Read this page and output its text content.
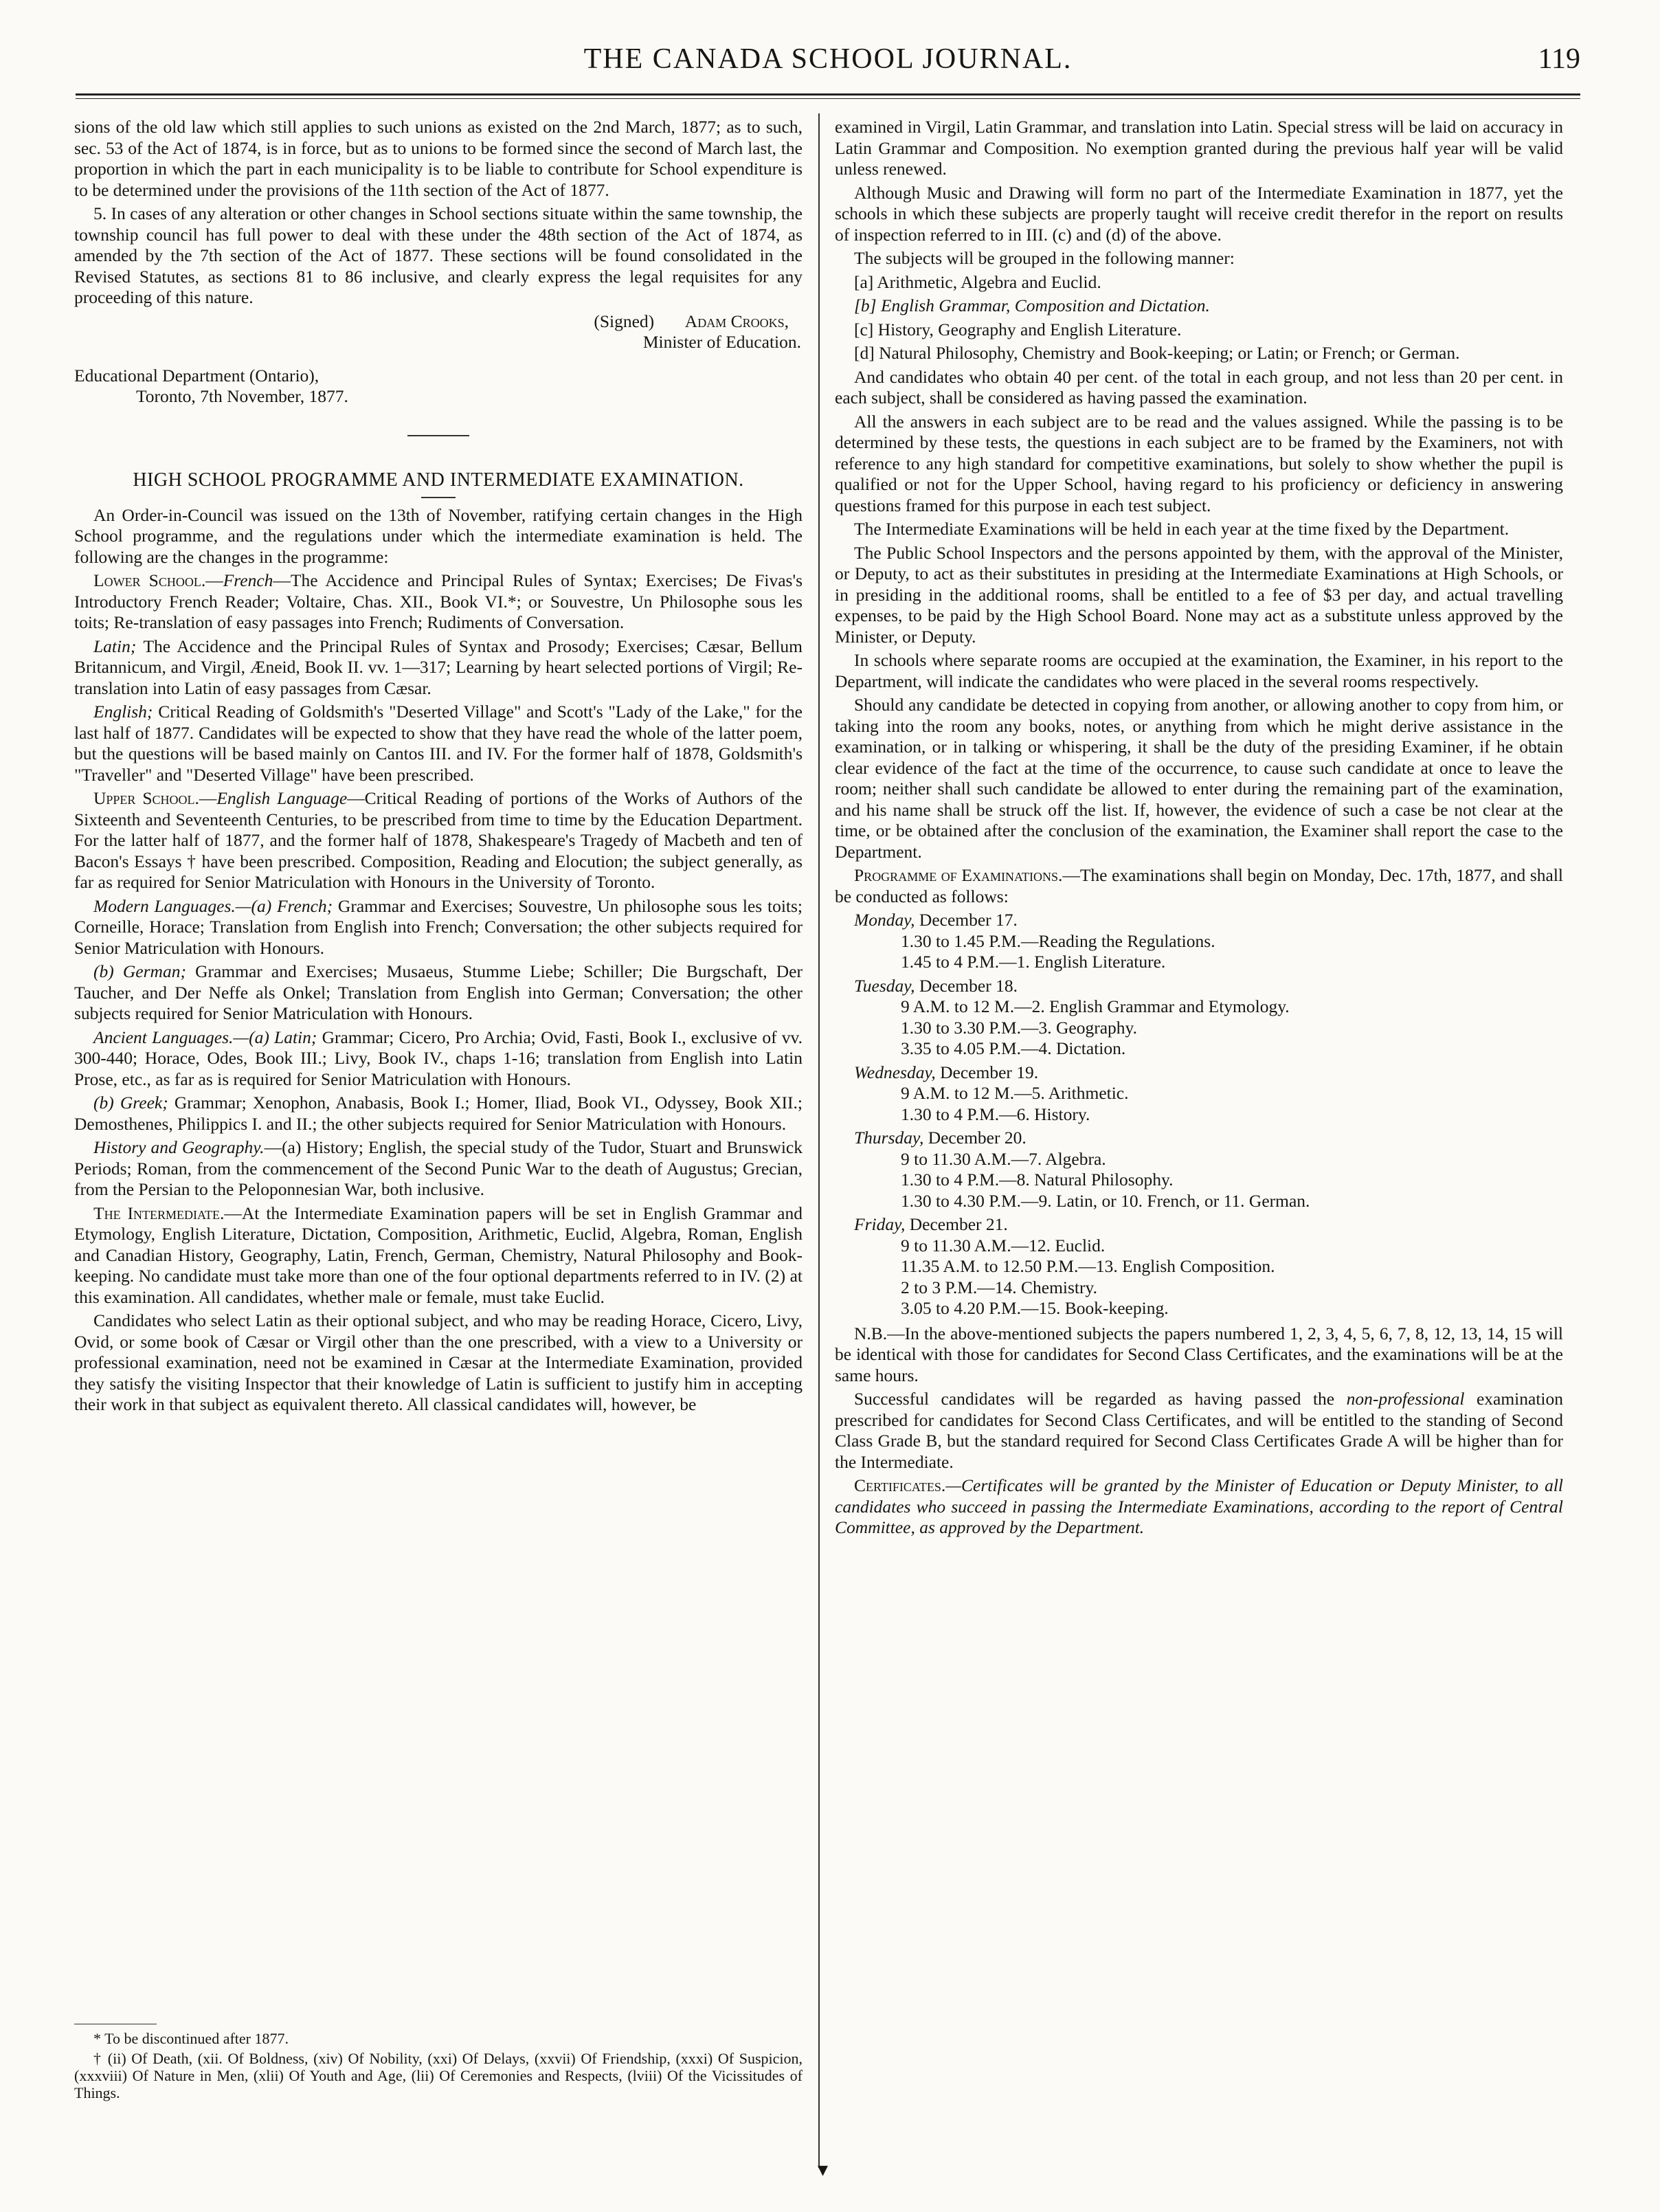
THE CANADA SCHOOL JOURNAL.	119

sions of the old law which still applies to such unions as existed on the 2nd March, 1877; as to such, sec. 53 of the Act of 1874, is in force, but as to unions to be formed since the second of March last, the proportion in which the part in each municipality is to be liable to contribute for School expenditure is to be determined under the provisions of the 11th section of the Act of 1877.

5. In cases of any alteration or other changes in School sections situate within the same township, the township council has full power to deal with these under the 48th section of the Act of 1874, as amended by the 7th section of the Act of 1877. These sections will be found consolidated in the Revised Statutes, as sections 81 to 86 inclusive, and clearly express the legal requisites for any proceeding of this nature.

(Signed) Adam Crooks,

Minister of Education.

Educational Department (Ontario),

Toronto, 7th November, 1877.

HIGH SCHOOL PROGRAMME AND INTERMEDIATE EXAMINATION.

An Order-in-Council was issued on the 13th of November, ratifying certain changes in the High School programme, and the regulations under which the intermediate examination is held. The following are the changes in the programme:

Lower School.—French—The Accidence and Principal Rules of Syntax; Exercises; De Fivas's Introductory French Reader; Voltaire, Chas. XII., Book VI.*; or Souvestre, Un Philosophe sous les toits; Re-translation of easy passages into French; Rudiments of Conversation.

Latin; The Accidence and the Principal Rules of Syntax and Prosody; Exercises; Cæsar, Bellum Britannicum, and Virgil, Æneid, Book II. vv. 1—317; Learning by heart selected portions of Virgil; Re-translation into Latin of easy passages from Cæsar.

English; Critical Reading of Goldsmith's "Deserted Village" and Scott's "Lady of the Lake," for the last half of 1877. Candidates will be expected to show that they have read the whole of the latter poem, but the questions will be based mainly on Cantos III. and IV. For the former half of 1878, Goldsmith's "Traveller" and "Deserted Village" have been prescribed.

Upper School.—English Language—Critical Reading of portions of the Works of Authors of the Sixteenth and Seventeenth Centuries, to be prescribed from time to time by the Education Department. For the latter half of 1877, and the former half of 1878, Shakespeare's Tragedy of Macbeth and ten of Bacon's Essays † have been prescribed. Composition, Reading and Elocution; the subject generally, as far as required for Senior Matriculation with Honours in the University of Toronto.

Modern Languages.—(a) French; Grammar and Exercises; Souvestre, Un philosophe sous les toits; Corneille, Horace; Translation from English into French; Conversation; the other subjects required for Senior Matriculation with Honours.

(b) German; Grammar and Exercises; Musaeus, Stumme Liebe; Schiller; Die Burgschaft, Der Taucher, and Der Neffe als Onkel; Translation from English into German; Conversation; the other subjects required for Senior Matriculation with Honours.

Ancient Languages.—(a) Latin; Grammar; Cicero, Pro Archia; Ovid, Fasti, Book I., exclusive of vv. 300-440; Horace, Odes, Book III.; Livy, Book IV., chaps 1-16; translation from English into Latin Prose, etc., as far as is required for Senior Matriculation with Honours.

(b) Greek; Grammar; Xenophon, Anabasis, Book I.; Homer, Iliad, Book VI., Odyssey, Book XII.; Demosthenes, Philippics I. and II.; the other subjects required for Senior Matriculation with Honours.

History and Geography.—(a) History; English, the special study of the Tudor, Stuart and Brunswick Periods; Roman, from the commencement of the Second Punic War to the death of Augustus; Grecian, from the Persian to the Peloponnesian War, both inclusive.

The Intermediate.—At the Intermediate Examination papers will be set in English Grammar and Etymology, English Literature, Dictation, Composition, Arithmetic, Euclid, Algebra, Roman, English and Canadian History, Geography, Latin, French, German, Chemistry, Natural Philosophy and Book-keeping. No candidate must take more than one of the four optional departments referred to in IV. (2) at this examination. All candidates, whether male or female, must take Euclid.

Candidates who select Latin as their optional subject, and who may be reading Horace, Cicero, Livy, Ovid, or some book of Cæsar or Virgil other than the one prescribed, with a view to a University or professional examination, need not be examined in Cæsar at the Intermediate Examination, provided they satisfy the visiting Inspector that their knowledge of Latin is sufficient to justify him in accepting their work in that subject as equivalent thereto. All classical candidates will, however, be

* To be discontinued after 1877.

† (ii) Of Death, (xii. Of Boldness, (xiv) Of Nobility, (xxi) Of Delays, (xxvii) Of Friendship, (xxxi) Of Suspicion, (xxxviii) Of Nature in Men, (xlii) Of Youth and Age, (lii) Of Ceremonies and Respects, (lviii) Of the Vicissitudes of Things.

examined in Virgil, Latin Grammar, and translation into Latin. Special stress will be laid on accuracy in Latin Grammar and Composition. No exemption granted during the previous half year will be valid unless renewed.

Although Music and Drawing will form no part of the Intermediate Examination in 1877, yet the schools in which these subjects are properly taught will receive credit therefor in the report on results of inspection referred to in III. (c) and (d) of the above.

The subjects will be grouped in the following manner:

[a] Arithmetic, Algebra and Euclid.

[b] English Grammar, Composition and Dictation.

[c] History, Geography and English Literature.

[d] Natural Philosophy, Chemistry and Book-keeping; or Latin; or French; or German.

And candidates who obtain 40 per cent. of the total in each group, and not less than 20 per cent. in each subject, shall be considered as having passed the examination.

All the answers in each subject are to be read and the values assigned. While the passing is to be determined by these tests, the questions in each subject are to be framed by the Examiners, not with reference to any high standard for competitive examinations, but solely to show whether the pupil is qualified or not for the Upper School, having regard to his proficiency or deficiency in answering questions framed for this purpose in each test subject.

The Intermediate Examinations will be held in each year at the time fixed by the Department.

The Public School Inspectors and the persons appointed by them, with the approval of the Minister, or Deputy, to act as their substitutes in presiding at the Intermediate Examinations at High Schools, or in presiding in the additional rooms, shall be entitled to a fee of $3 per day, and actual travelling expenses, to be paid by the High School Board. None may act as a substitute unless approved by the Minister, or Deputy.

In schools where separate rooms are occupied at the examination, the Examiner, in his report to the Department, will indicate the candidates who were placed in the several rooms respectively.

Should any candidate be detected in copying from another, or allowing another to copy from him, or taking into the room any books, notes, or anything from which he might derive assistance in the examination, or in talking or whispering, it shall be the duty of the presiding Examiner, if he obtain clear evidence of the fact at the time of the occurrence, to cause such candidate at once to leave the room; neither shall such candidate be allowed to enter during the remaining part of the examination, and his name shall be struck off the list. If, however, the evidence of such a case be not clear at the time, or be obtained after the conclusion of the examination, the Examiner shall report the case to the Department.

Programme of Examinations.—The examinations shall begin on Monday, Dec. 17th, 1877, and shall be conducted as follows:

Monday, December 17.

1.30 to 1.45 P.M.—Reading the Regulations.

1.45 to 4 P.M.—1. English Literature.

Tuesday, December 18.

9 A.M. to 12 M.—2. English Grammar and Etymology.

1.30 to 3.30 P.M.—3. Geography.

3.35 to 4.05 P.M.—4. Dictation.

Wednesday, December 19.

9 A.M. to 12 M.—5. Arithmetic.

1.30 to 4 P.M.—6. History.

Thursday, December 20.

9 to 11.30 A.M.—7. Algebra.

1.30 to 4 P.M.—8. Natural Philosophy.

1.30 to 4.30 P.M.—9. Latin, or 10. French, or 11. German.

Friday, December 21.

9 to 11.30 A.M.—12. Euclid.

11.35 A.M. to 12.50 P.M.—13. English Composition.

2 to 3 P.M.—14. Chemistry.

3.05 to 4.20 P.M.—15. Book-keeping.

N.B.—In the above-mentioned subjects the papers numbered 1, 2, 3, 4, 5, 6, 7, 8, 12, 13, 14, 15 will be identical with those for candidates for Second Class Certificates, and the examinations will be at the same hours.

Successful candidates will be regarded as having passed the non-professional examination prescribed for candidates for Second Class Certificates, and will be entitled to the standing of Second Class Grade B, but the standard required for Second Class Certificates Grade A will be higher than for the Intermediate.

Certificates.—Certificates will be granted by the Minister of Education or Deputy Minister, to all candidates who succeed in passing the Intermediate Examinations, according to the report of Central Committee, as approved by the Department.

▾
